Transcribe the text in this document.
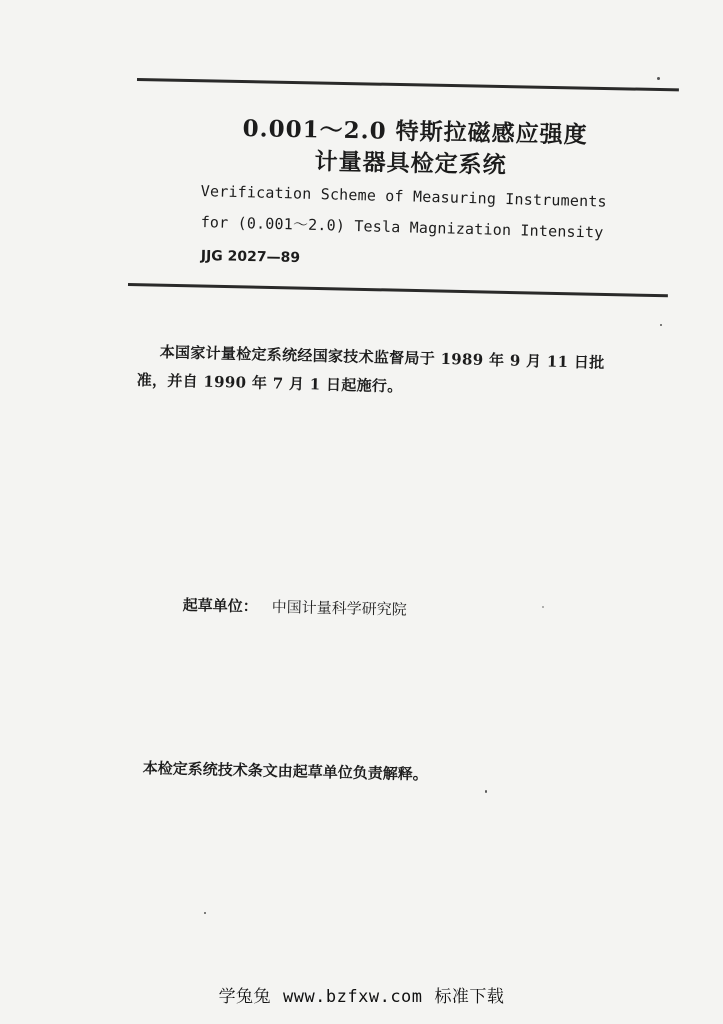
0.001～2.0 特斯拉磁感应强度
计量器具检定系统
Verification Scheme of Measuring Instruments
for (0.001～2.0) Tesla Magnization Intensity
JJG 2027—89
本国家计量检定系统经国家技术监督局于 1989 年 9 月 11 日批
准，并自 1990 年 7 月 1 日起施行。
起草单位： 中国计量科学研究院
本检定系统技术条文由起草单位负责解释。
学兔兔 www.bzfxw.com 标准下载
